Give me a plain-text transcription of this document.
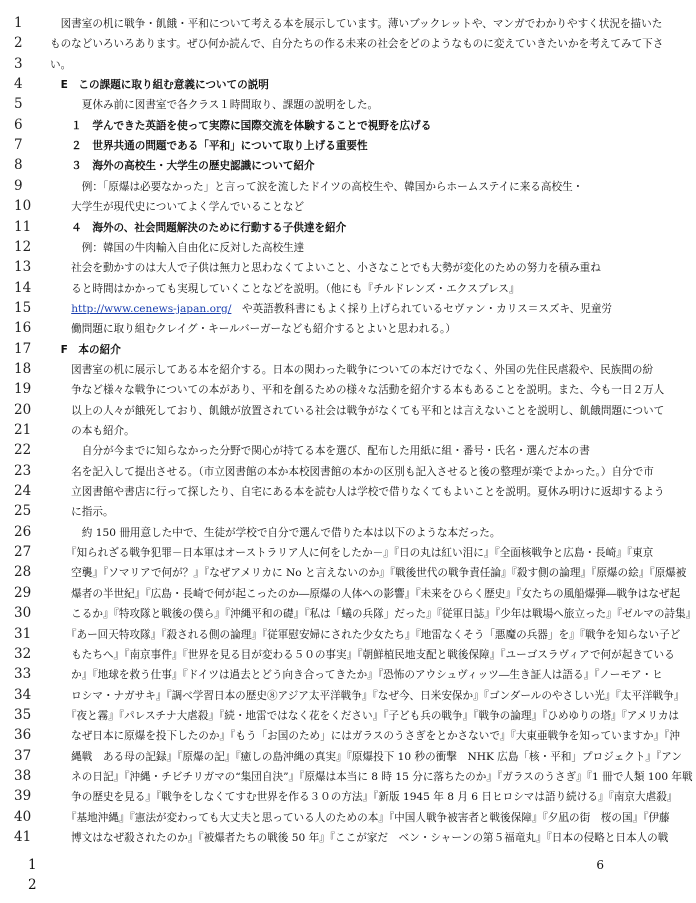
1	　図書室の机に戦争・飢餓・平和について考える本を展示しています。薄いブックレットや、マンガでわかりやすく状況を描いた
2	ものなどいろいろあります。ぜひ何か読んで、自分たちの作る未来の社会をどのようなものに変えていきたいかを考えてみて下さ
3	い。
4	　E　この課題に取り組む意義についての説明
5	　　　夏休み前に図書室で各クラス１時間取り、課題の説明をした。
6	　　１　学んできた英語を使って実際に国際交流を体験することで視野を広げる
7	　　２　世界共通の問題である「平和」について取り上げる重要性
8	　　３　海外の高校生・大学生の歴史認識について紹介
9	　　　例：「原爆は必要なかった」と言って涙を流したドイツの高校生や、韓国からホームステイに来る高校生・
10	　　大学生が現代史についてよく学んでいることなど
11	　　４　海外の、社会問題解決のために行動する子供達を紹介
12	　　　例：韓国の牛肉輸入自由化に反対した高校生達
13	　　社会を動かすのは大人で子供は無力と思わなくてよいこと、小さなことでも大勢が変化のための努力を積み重ね
14	　　ると時間はかかっても実現していくことなどを説明。（他にも『チルドレンズ・エクスプレス』
15
　　	http://www.cenews-japan.org/　や英語教科書にもよく採り上げられているセヴァン・カリス＝スズキ、児童労
16	　　働問題に取り組むクレイグ・キールバーガーなども紹介するとよいと思われる。）
17	　F　本の紹介
18	　　図書室の机に展示してある本を紹介する。日本の関わった戦争についての本だけでなく、外国の先住民虐殺や、民族間の紛
19	　　争など様々な戦争についての本があり、平和を創るための様々な活動を紹介する本もあることを説明。また、今も一日２万人
20	　　以上の人々が餓死しており、飢餓が放置されている社会は戦争がなくても平和とは言えないことを説明し、飢餓問題について
21	　　の本も紹介。
22	　　　自分が今までに知らなかった分野で関心が持てる本を選び、配布した用紙に組・番号・氏名・選んだ本の書
23	　　名を記入して提出させる。（市立図書館の本か本校図書館の本かの区別も記入させると後の整理が楽でよかった。）自分で市
24	　　立図書館や書店に行って探したり、自宅にある本を読む人は学校で借りなくてもよいことを説明。夏休み明けに返却するよう
25	　　に指示。
26	　　　約 150 冊用意した中で、生徒が学校で自分で選んで借りた本は以下のような本だった。
27	　　『知られざる戦争犯罪－日本軍はオーストラリア人に何をしたか－』『日の丸は紅い泪に』『全面核戦争と広島・長崎』『東京
28	　　空襲』『ソマリアで何が？』『なぜアメリカに No と言えないのか』『戦後世代の戦争責任論』『殺す側の論理』『原爆の絵』『原爆被
29	　　爆者の半世紀』『広島・長崎で何が起こったのか―原爆の人体への影響』『未来をひらく歴史』『女たちの風船爆弾―戦争はなぜ起
30	　　こるか』『特攻隊と戦後の僕ら』『沖縄平和の礎』『私は「蟻の兵隊」だった』『従軍日誌』『少年は戦場へ旅立った』『ゼルマの詩集』
31	　　『あー回天特攻隊』『殺される側の論理』『従軍慰安婦にされた少女たち』『地雷なくそう「悪魔の兵器」を』『戦争を知らない子ど
32	　　もたちへ』『南京事件』『世界を見る目が変わる５０の事実』『朝鮮植民地支配と戦後保障』『ユーゴスラヴィアで何が起きている
33	　　か』『地球を救う仕事』『ドイツは過去とどう向き合ってきたか』『恐怖のアウシュヴィッツ―生き証人は語る』『ノーモア・ヒ
34	　　ロシマ・ナガサキ』『調べ学習日本の歴史⑧アジア太平洋戦争』『なぜ今、日米安保か』『ゴンダールのやさしい光』『太平洋戦争』
35	　　『夜と霧』『パレスチナ大虐殺』『続・地雷ではなく花をください』『子ども兵の戦争』『戦争の論理』『ひめゆりの塔』『アメリカは
36	　　なぜ日本に原爆を投下したのか』『もう「お国のため」にはガラスのうさぎをとかさないで』『大東亜戦争を知っていますか』『沖
37	　　縄戦　ある母の記録』『原爆の記』『癒しの島沖縄の真実』『原爆投下 10 秒の衝撃　NHK 広島「核・平和」プロジェクト』『アン
38	　　ネの日記』『沖縄・チビチリガマの“集団自決”』『原爆は本当に 8 時 15 分に落ちたのか』『ガラスのうさぎ』『1 冊で人類 100 年戦
39	　　争の歴史を見る』『戦争をしなくてすむ世界を作る３０の方法』『新版 1945 年 8 月 6 日ヒロシマは語り続ける』『南京大虐殺』
40	　　『基地沖縄』『憲法が変わっても大丈夫と思っている人のための本』『中国人戦争被害者と戦後保障』『夕凪の街　桜の国』『伊藤
41	　　博文はなぜ殺されたのか』『被爆者たちの戦後 50 年』『ここが家だ　ベン・シャーンの第５福竜丸』『日本の侵略と日本人の戦
1
2
6
